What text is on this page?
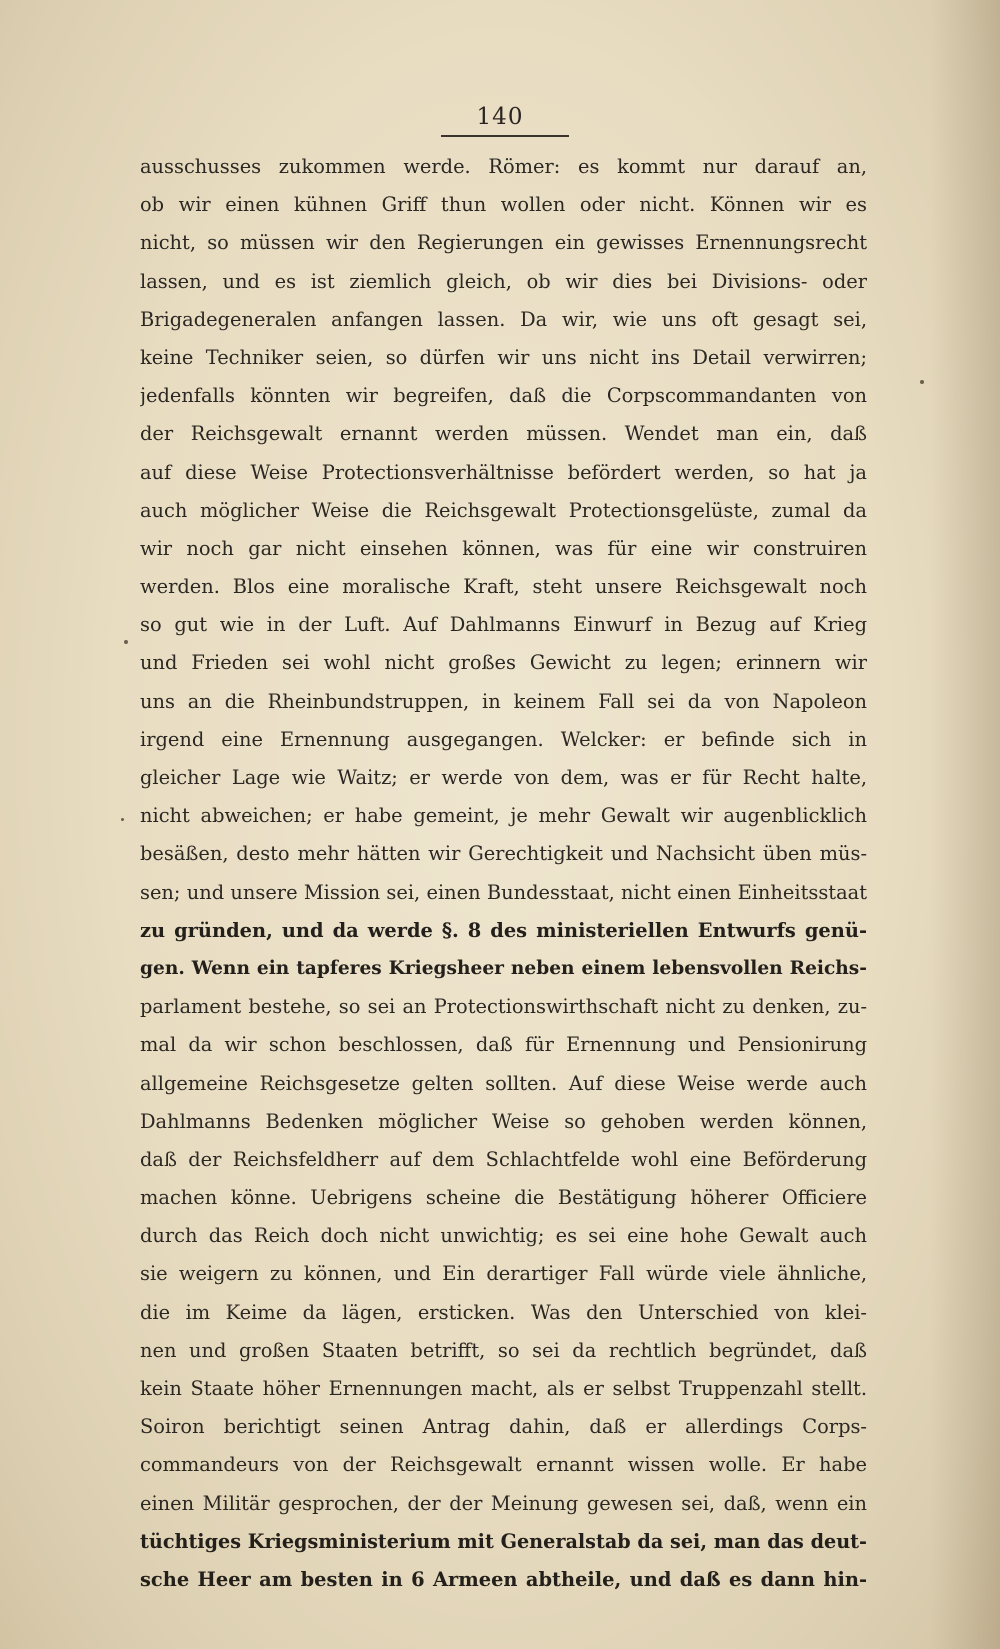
140
ausschusses zukommen werde. Römer: es kommt nur darauf an,
ob wir einen kühnen Griff thun wollen oder nicht. Können wir es
nicht, so müssen wir den Regierungen ein gewisses Ernennungsrecht
lassen, und es ist ziemlich gleich, ob wir dies bei Divisions- oder
Brigadegeneralen anfangen lassen. Da wir, wie uns oft gesagt sei,
keine Techniker seien, so dürfen wir uns nicht ins Detail verwirren;
jedenfalls könnten wir begreifen, daß die Corpscommandanten von
der Reichsgewalt ernannt werden müssen. Wendet man ein, daß
auf diese Weise Protectionsverhältnisse befördert werden, so hat ja
auch möglicher Weise die Reichsgewalt Protectionsgelüste, zumal da
wir noch gar nicht einsehen können, was für eine wir construiren
werden. Blos eine moralische Kraft, steht unsere Reichsgewalt noch
so gut wie in der Luft. Auf Dahlmanns Einwurf in Bezug auf Krieg
und Frieden sei wohl nicht großes Gewicht zu legen; erinnern wir
uns an die Rheinbundstruppen, in keinem Fall sei da von Napoleon
irgend eine Ernennung ausgegangen. Welcker: er befinde sich in
gleicher Lage wie Waitz; er werde von dem, was er für Recht halte,
nicht abweichen; er habe gemeint, je mehr Gewalt wir augenblicklich
besäßen, desto mehr hätten wir Gerechtigkeit und Nachsicht üben müs-
sen; und unsere Mission sei, einen Bundesstaat, nicht einen Einheitsstaat
zu gründen, und da werde §. 8 des ministeriellen Entwurfs genü-
gen. Wenn ein tapferes Kriegsheer neben einem lebensvollen Reichs-
parlament bestehe, so sei an Protectionswirthschaft nicht zu denken, zu-
mal da wir schon beschlossen, daß für Ernennung und Pensionirung
allgemeine Reichsgesetze gelten sollten. Auf diese Weise werde auch
Dahlmanns Bedenken möglicher Weise so gehoben werden können,
daß der Reichsfeldherr auf dem Schlachtfelde wohl eine Beförderung
machen könne. Uebrigens scheine die Bestätigung höherer Officiere
durch das Reich doch nicht unwichtig; es sei eine hohe Gewalt auch
sie weigern zu können, und Ein derartiger Fall würde viele ähnliche,
die im Keime da lägen, ersticken. Was den Unterschied von klei-
nen und großen Staaten betrifft, so sei da rechtlich begründet, daß
kein Staate höher Ernennungen macht, als er selbst Truppenzahl stellt.
Soiron berichtigt seinen Antrag dahin, daß er allerdings Corps-
commandeurs von der Reichsgewalt ernannt wissen wolle. Er habe
einen Militär gesprochen, der der Meinung gewesen sei, daß, wenn ein
tüchtiges Kriegsministerium mit Generalstab da sei, man das deut-
sche Heer am besten in 6 Armeen abtheile, und daß es dann hin-
